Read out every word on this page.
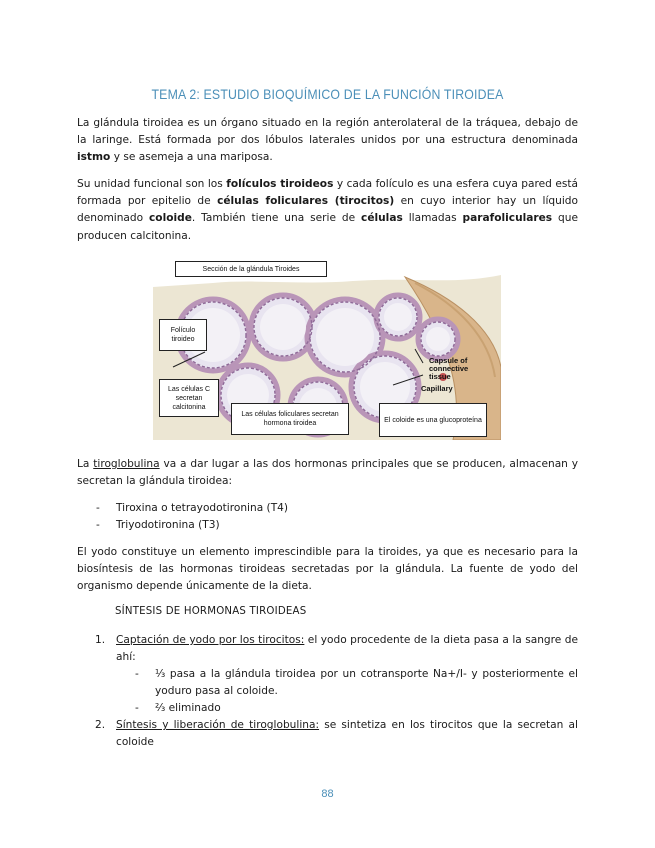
TEMA 2: ESTUDIO BIOQUÍMICO DE LA FUNCIÓN TIROIDEA

La glándula tiroidea es un órgano situado en la región anterolateral de la tráquea, debajo de la laringe. Está formada por dos lóbulos laterales unidos por una estructura denominada istmo y se asemeja a una mariposa.

Su unidad funcional son los folículos tiroideos y cada folículo es una esfera cuya pared está formada por epitelio de células foliculares (tirocitos) en cuyo interior hay un líquido denominado coloide. También tiene una serie de células llamadas parafoliculares que producen calcitonina.

Sección de la glándula Tiroides
Folículo tiroideo
Las células C secretan calcitonina
Las células foliculares secretan hormona tiroidea	El coloide es una glucoproteína
Capsule of connective tissue
Capillary

La tiroglobulina va a dar lugar a las dos hormonas principales que se producen, almacenan y secretan la glándula tiroidea:

- Tiroxina o tetrayodotironina (T4)
- Triyodotironina (T3)

El yodo constituye un elemento imprescindible para la tiroides, ya que es necesario para la biosíntesis de las hormonas tiroideas secretadas por la glándula. La fuente de yodo del organismo depende únicamente de la dieta.

SÍNTESIS DE HORMONAS TIROIDEAS
1.	Captación de yodo por los tirocitos: el yodo procedente de la dieta pasa a la sangre de ahí:
- ⅓ pasa a la glándula tiroidea por un cotransporte Na+/I- y posteriormente el yoduro pasa al coloide.
- ⅔ eliminado
2.	Síntesis y liberación de tiroglobulina: se sintetiza en los tirocitos que la secretan al coloide
88
